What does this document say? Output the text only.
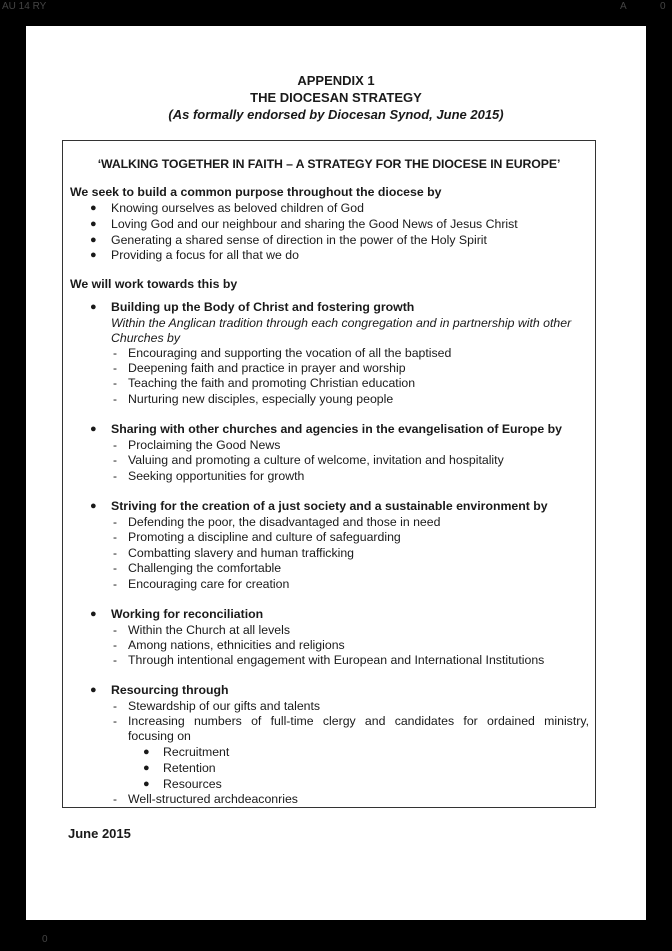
AU 14 RY	A	0
0
APPENDIX 1
THE DIOCESAN STRATEGY
(As formally endorsed by Diocesan Synod, June 2015)
‘WALKING TOGETHER IN FAITH – A STRATEGY FOR THE DIOCESE IN EUROPE’
We seek to build a common purpose throughout the diocese by
● Knowing ourselves as beloved children of God
● Loving God and our neighbour and sharing the Good News of Jesus Christ
● Generating a shared sense of direction in the power of the Holy Spirit
● Providing a focus for all that we do
We will work towards this by
● Building up the Body of Christ and fostering growth
Within the Anglican tradition through each congregation and in partnership with other
Churches by
- Encouraging and supporting the vocation of all the baptised
- Deepening faith and practice in prayer and worship
- Teaching the faith and promoting Christian education
- Nurturing new disciples, especially young people
● Sharing with other churches and agencies in the evangelisation of Europe by
- Proclaiming the Good News
- Valuing and promoting a culture of welcome, invitation and hospitality
- Seeking opportunities for growth
● Striving for the creation of a just society and a sustainable environment by
- Defending the poor, the disadvantaged and those in need
- Promoting a discipline and culture of safeguarding
- Combatting slavery and human trafficking
- Challenging the comfortable
- Encouraging care for creation
● Working for reconciliation
- Within the Church at all levels
- Among nations, ethnicities and religions
- Through intentional engagement with European and International Institutions
● Resourcing through
- Stewardship of our gifts and talents
- Increasing numbers of full-time clergy and candidates for ordained ministry,
focusing on
● Recruitment
● Retention
● Resources
- Well-structured archdeaconries
June 2015
